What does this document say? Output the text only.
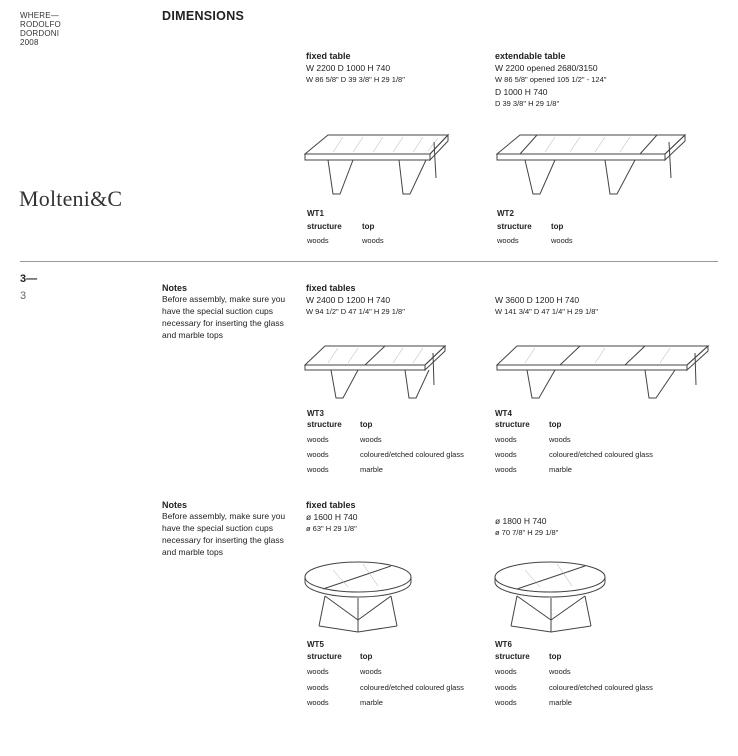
WHERE—
RODOLFO
DORDONI
2008
Molteni&C
3—
3
DIMENSIONS
fixed table
W 2200 D 1000 H 740
W 86 5/8" D 39 3/8" H 29 1/8"
extendable table
W 2200 opened 2680/3150
W 86 5/8" opened 105 1/2" - 124"
D 1000 H 740
D 39 3/8" H 29 1/8"
WT1	WT2
structure	top
woods	woods
structure top
woods	woods
Notes
Before assembly, make sure you have the special suction cups necessary for inserting the glass and marble tops
fixed tables
W 2400 D 1200 H 740
W 94 1/2" D 47 1/4" H 29 1/8"
W 3600 D 1200 H 740
W 141 3/4" D 47 1/4" H 29 1/8"
WT3	WT4
structure top
woods	woods
woods	coloured/etched coloured glass
woods	marble
structure top
woods	woods
woods	coloured/etched coloured glass
woods	marble
Notes
Before assembly, make sure you have the special suction cups necessary for inserting the glass and marble tops
fixed tables
ø 1600 H 740
ø 63" H 29 1/8"
ø 1800 H 740
ø 70 7/8" H 29 1/8"
WT5	WT6
structure top
woods	woods
woods	coloured/etched coloured glass
woods	marble
structure top
woods	woods
woods	coloured/etched coloured glass
woods	marble
